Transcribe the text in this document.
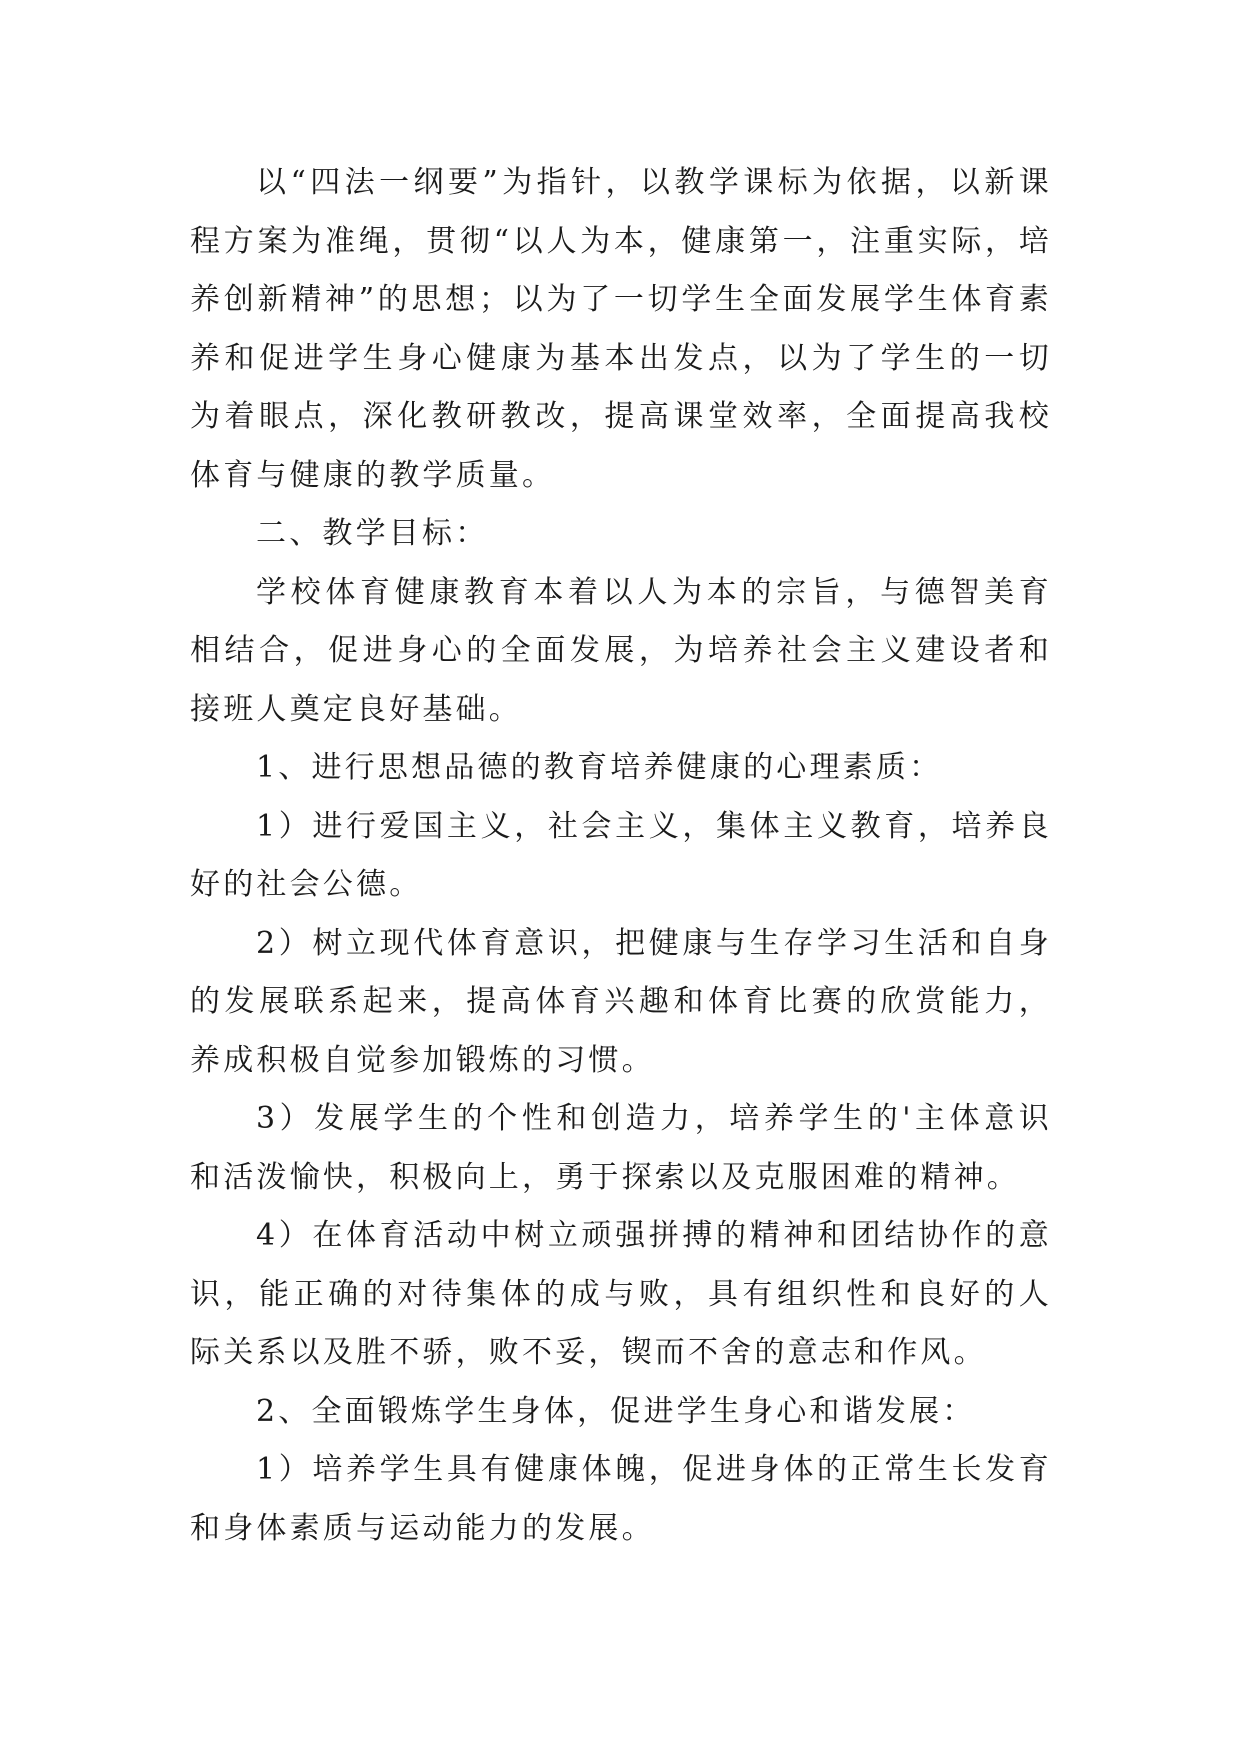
以“四法一纲要”为指针，以教学课标为依据，以新课程方案为准绳，贯彻“以人为本，健康第一，注重实际，培养创新精神”的思想；以为了一切学生全面发展学生体育素养和促进学生身心健康为基本出发点，以为了学生的一切为着眼点，深化教研教改，提高课堂效率，全面提高我校体育与健康的教学质量。

二、教学目标：

学校体育健康教育本着以人为本的宗旨，与德智美育相结合，促进身心的全面发展，为培养社会主义建设者和接班人奠定良好基础。

1、进行思想品德的教育培养健康的心理素质：

1）进行爱国主义，社会主义，集体主义教育，培养良好的社会公德。

2）树立现代体育意识，把健康与生存学习生活和自身的发展联系起来，提高体育兴趣和体育比赛的欣赏能力，养成积极自觉参加锻炼的习惯。

3）发展学生的个性和创造力，培养学生的'主体意识和活泼愉快，积极向上，勇于探索以及克服困难的精神。

4）在体育活动中树立顽强拼搏的精神和团结协作的意识，能正确的对待集体的成与败，具有组织性和良好的人际关系以及胜不骄，败不妥，锲而不舍的意志和作风。

2、全面锻炼学生身体，促进学生身心和谐发展：

1）培养学生具有健康体魄，促进身体的正常生长发育和身体素质与运动能力的发展。
